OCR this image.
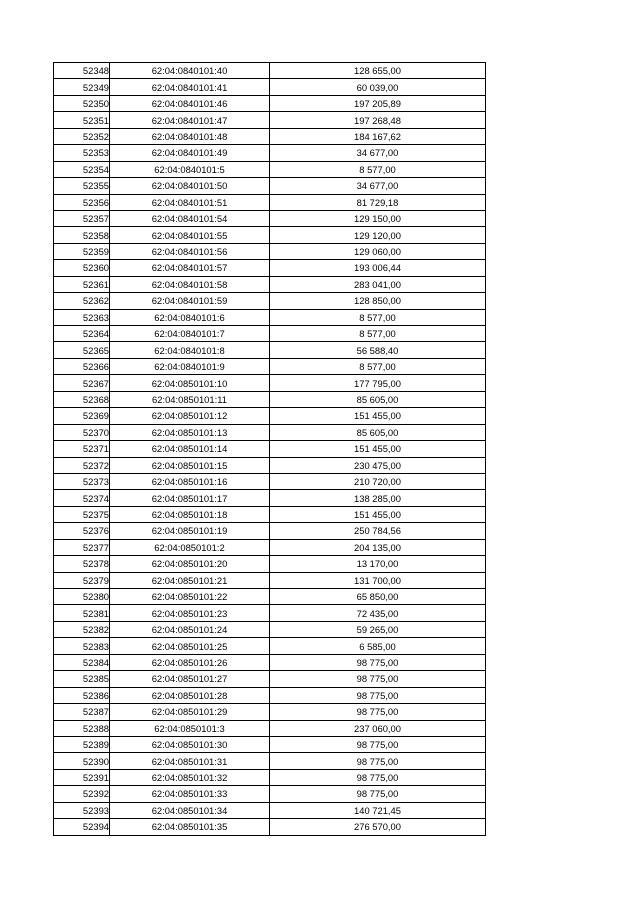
52348	62:04:0840101:40	128 655,00
52349	62:04:0840101:41	60 039,00
52350	62:04:0840101:46	197 205,89
52351	62:04:0840101:47	197 268,48
52352	62:04:0840101:48	184 167,62
52353	62:04:0840101:49	34 677,00
52354	62:04:0840101:5	8 577,00
52355	62:04:0840101:50	34 677,00
52356	62:04:0840101:51	81 729,18
52357	62:04:0840101:54	129 150,00
52358	62:04:0840101:55	129 120,00
52359	62:04:0840101:56	129 060,00
52360	62:04:0840101:57	193 006,44
52361	62:04:0840101:58	283 041,00
52362	62:04:0840101:59	128 850,00
52363	62:04:0840101:6	8 577,00
52364	62:04:0840101:7	8 577,00
52365	62:04:0840101:8	56 588,40
52366	62:04:0840101:9	8 577,00
52367	62:04:0850101:10	177 795,00
52368	62:04:0850101:11	85 605,00
52369	62:04:0850101:12	151 455,00
52370	62:04:0850101:13	85 605,00
52371	62:04:0850101:14	151 455,00
52372	62:04:0850101:15	230 475,00
52373	62:04:0850101:16	210 720,00
52374	62:04:0850101:17	138 285,00
52375	62:04:0850101:18	151 455,00
52376	62:04:0850101:19	250 784,56
52377	62:04:0850101:2	204 135,00
52378	62:04:0850101:20	13 170,00
52379	62:04:0850101:21	131 700,00
52380	62:04:0850101:22	65 850,00
52381	62:04:0850101:23	72 435,00
52382	62:04:0850101:24	59 265,00
52383	62:04:0850101:25	6 585,00
52384	62:04:0850101:26	98 775,00
52385	62:04:0850101:27	98 775,00
52386	62:04:0850101:28	98 775,00
52387	62:04:0850101:29	98 775,00
52388	62:04:0850101:3	237 060,00
52389	62:04:0850101:30	98 775,00
52390	62:04:0850101:31	98 775,00
52391	62:04:0850101:32	98 775,00
52392	62:04:0850101:33	98 775,00
52393	62:04:0850101:34	140 721,45
52394	62:04:0850101:35	276 570,00
